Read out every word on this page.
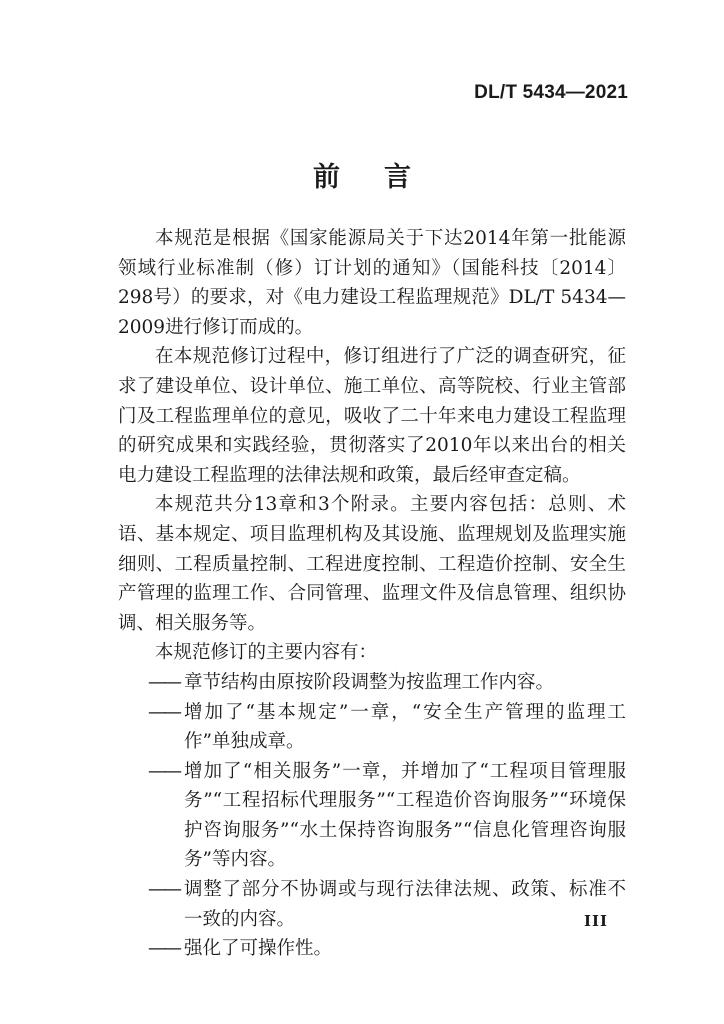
DL/T 5434—2021
前言

本规范是根据《国家能源局关于下达2014年第一批能源领域行业标准制（修）订计划的通知》（国能科技〔2014〕298号）的要求，对《电力建设工程监理规范》DL/T 5434—2009进行修订而成的。

在本规范修订过程中，修订组进行了广泛的调查研究，征求了建设单位、设计单位、施工单位、高等院校、行业主管部门及工程监理单位的意见，吸收了二十年来电力建设工程监理的研究成果和实践经验，贯彻落实了2010年以来出台的相关电力建设工程监理的法律法规和政策，最后经审查定稿。

本规范共分13章和3个附录。主要内容包括：总则、术语、基本规定、项目监理机构及其设施、监理规划及监理实施细则、工程质量控制、工程进度控制、工程造价控制、安全生产管理的监理工作、合同管理、监理文件及信息管理、组织协调、相关服务等。

本规范修订的主要内容有：

—— 章节结构由原按阶段调整为按监理工作内容。
—— 增加了“基本规定”一章，“安全生产管理的监理工作”单独成章。
—— 增加了“相关服务”一章，并增加了“工程项目管理服务”“工程招标代理服务”“工程造价咨询服务”“环境保护咨询服务”“水土保持咨询服务”“信息化管理咨询服务”等内容。
—— 调整了部分不协调或与现行法律法规、政策、标准不一致的内容。
—— 强化了可操作性。
III
